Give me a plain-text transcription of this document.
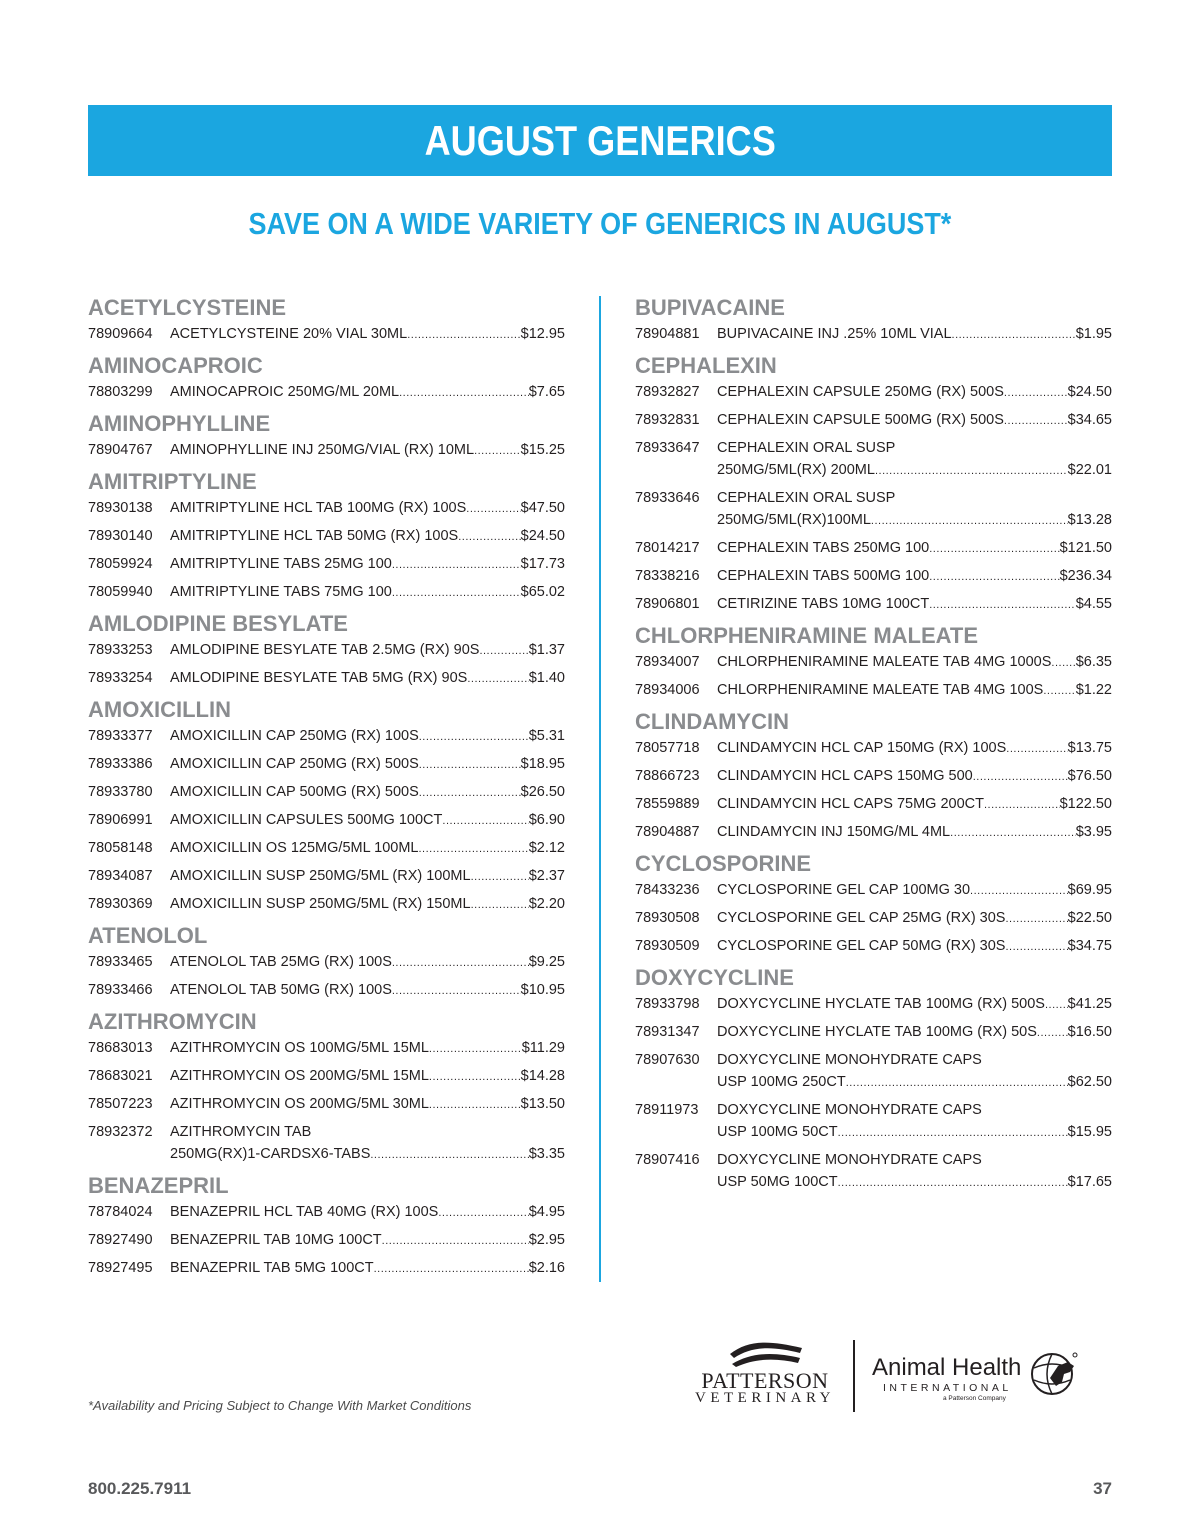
AUGUST GENERICS
SAVE ON A WIDE VARIETY OF GENERICS IN AUGUST*
ACETYLCYSTEINE
78909664	ACETYLCYSTEINE 20% VIAL 30ML .....	$12.95
AMINOCAPROIC
78803299	AMINOCAPROIC 250MG/ML 20ML .....	$7.65
AMINOPHYLLINE
78904767	AMINOPHYLLINE INJ 250MG/VIAL (RX) 10ML .....	$15.25
AMITRIPTYLINE
78930138	AMITRIPTYLINE HCL TAB 100MG (RX) 100S .....	$47.50
78930140	AMITRIPTYLINE HCL TAB 50MG (RX) 100S .....	$24.50
78059924	AMITRIPTYLINE TABS 25MG 100 .....	$17.73
78059940	AMITRIPTYLINE TABS 75MG 100 .....	$65.02
AMLODIPINE BESYLATE
78933253	AMLODIPINE BESYLATE TAB 2.5MG (RX) 90S .....	$1.37
78933254	AMLODIPINE BESYLATE TAB 5MG (RX) 90S .....	$1.40
AMOXICILLIN
78933377	AMOXICILLIN CAP 250MG (RX) 100S .....	$5.31
78933386	AMOXICILLIN CAP 250MG (RX) 500S .....	$18.95
78933780	AMOXICILLIN CAP 500MG (RX) 500S .....	$26.50
78906991	AMOXICILLIN CAPSULES 500MG 100CT .....	$6.90
78058148	AMOXICILLIN OS 125MG/5ML 100ML .....	$2.12
78934087	AMOXICILLIN SUSP 250MG/5ML (RX) 100ML .....	$2.37
78930369	AMOXICILLIN SUSP 250MG/5ML (RX) 150ML .....	$2.20
ATENOLOL
78933465	ATENOLOL TAB 25MG (RX) 100S .....	$9.25
78933466	ATENOLOL TAB 50MG (RX) 100S .....	$10.95
AZITHROMYCIN
78683013	AZITHROMYCIN OS 100MG/5ML 15ML .....	$11.29
78683021	AZITHROMYCIN OS 200MG/5ML 15ML .....	$14.28
78507223	AZITHROMYCIN OS 200MG/5ML 30ML .....	$13.50
78932372	AZITHROMYCIN TAB
250MG(RX)1-CARDSX6-TABS .....	$3.35
BENAZEPRIL
78784024	BENAZEPRIL HCL TAB 40MG (RX) 100S .....	$4.95
78927490	BENAZEPRIL TAB 10MG 100CT .....	$2.95
78927495	BENAZEPRIL TAB 5MG 100CT .....	$2.16
BUPIVACAINE
78904881	BUPIVACAINE INJ .25% 10ML VIAL .....	$1.95
CEPHALEXIN
78932827	CEPHALEXIN CAPSULE 250MG (RX) 500S .....	$24.50
78932831	CEPHALEXIN CAPSULE 500MG (RX) 500S .....	$34.65
78933647	CEPHALEXIN ORAL SUSP
250MG/5ML(RX) 200ML .....	$22.01
78933646	CEPHALEXIN ORAL SUSP
250MG/5ML(RX)100ML .....	$13.28
78014217	CEPHALEXIN TABS 250MG 100 .....	$121.50
78338216	CEPHALEXIN TABS 500MG 100 .....	$236.34
78906801	CETIRIZINE TABS 10MG 100CT .....	$4.55
CHLORPHENIRAMINE MALEATE
78934007	CHLORPHENIRAMINE MALEATE TAB 4MG 1000S ..... $6.35
78934006	CHLORPHENIRAMINE MALEATE TAB 4MG 100S ..... $1.22
CLINDAMYCIN
78057718	CLINDAMYCIN HCL CAP 150MG (RX) 100S .....	$13.75
78866723	CLINDAMYCIN HCL CAPS 150MG 500 .....	$76.50
78559889	CLINDAMYCIN HCL CAPS 75MG 200CT .....	$122.50
78904887	CLINDAMYCIN INJ 150MG/ML 4ML .....	$3.95
CYCLOSPORINE
78433236	CYCLOSPORINE GEL CAP 100MG 30 .....	$69.95
78930508	CYCLOSPORINE GEL CAP 25MG (RX) 30S .....	$22.50
78930509	CYCLOSPORINE GEL CAP 50MG (RX) 30S .....	$34.75
DOXYCYCLINE
78933798	DOXYCYCLINE HYCLATE TAB 100MG (RX) 500S ..... $41.25
78931347	DOXYCYCLINE HYCLATE TAB 100MG (RX) 50S ..... $16.50
78907630	DOXYCYCLINE MONOHYDRATE CAPS
USP 100MG 250CT .....	$62.50
78911973	DOXYCYCLINE MONOHYDRATE CAPS
USP 100MG 50CT .....	$15.95
78907416	DOXYCYCLINE MONOHYDRATE CAPS
USP 50MG 100CT .....	$17.65
PATTERSON
VETERINARY
Animal Health
INTERNATIONAL
a Patterson Company
*Availability and Pricing Subject to Change With Market Conditions
800.225.7911	37
